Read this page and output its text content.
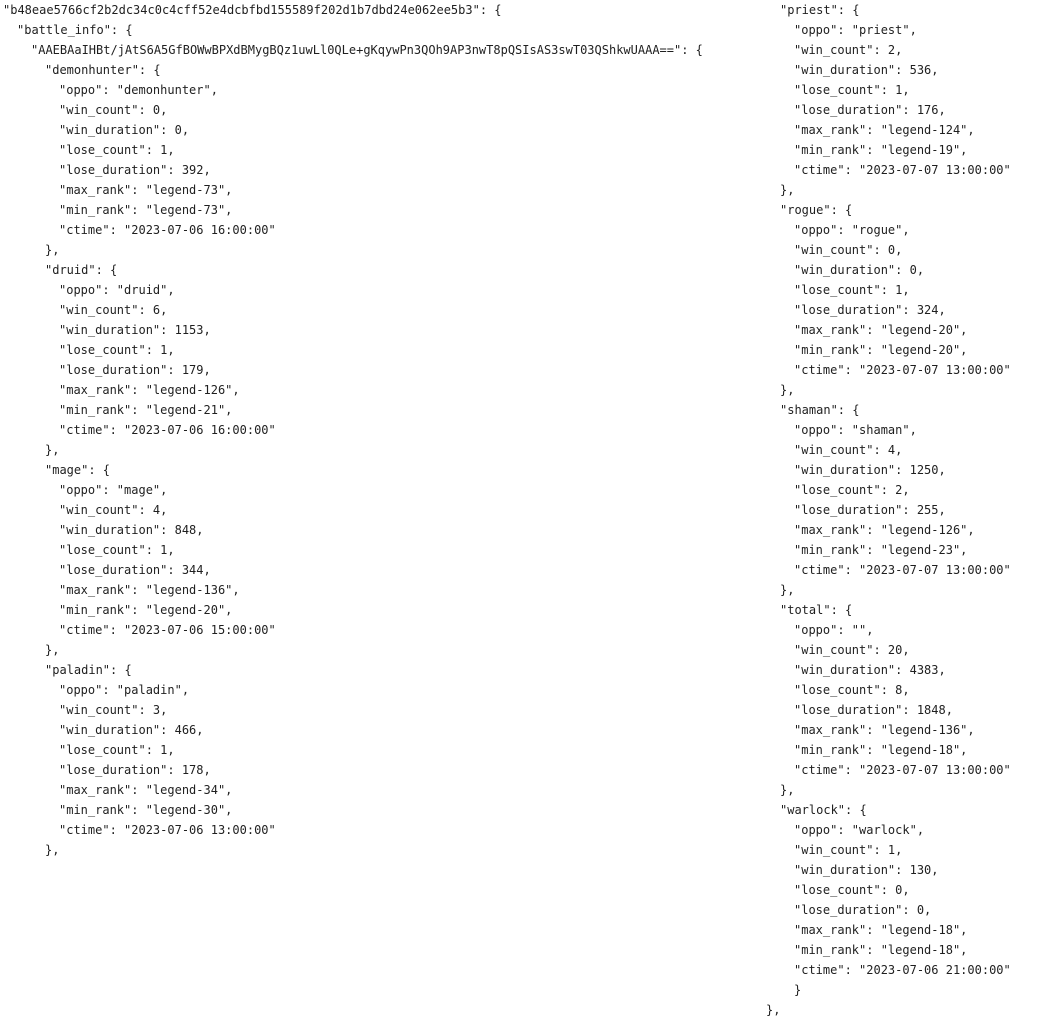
"b48eae5766cf2b2dc34c0c4cff52e4dcbfbd155589f202d1b7dbd24e062ee5b3": {
"battle_info": {
"AAEBAaIHBt/jAtS6A5GfBOWwBPXdBMygBQz1uwLl0QLe+gKqywPn3QOh9AP3nwT8pQSIsAS3swT03QShkwUAAA==": {
"demonhunter": {
"oppo": "demonhunter",
"win_count": 0,
"win_duration": 0,
"lose_count": 1,
"lose_duration": 392,
"max_rank": "legend-73",
"min_rank": "legend-73",
"ctime": "2023-07-06 16:00:00"
},
"druid": {
"oppo": "druid",
"win_count": 6,
"win_duration": 1153,
"lose_count": 1,
"lose_duration": 179,
"max_rank": "legend-126",
"min_rank": "legend-21",
"ctime": "2023-07-06 16:00:00"
},
"mage": {
"oppo": "mage",
"win_count": 4,
"win_duration": 848,
"lose_count": 1,
"lose_duration": 344,
"max_rank": "legend-136",
"min_rank": "legend-20",
"ctime": "2023-07-06 15:00:00"
},
"paladin": {
"oppo": "paladin",
"win_count": 3,
"win_duration": 466,
"lose_count": 1,
"lose_duration": 178,
"max_rank": "legend-34",
"min_rank": "legend-30",
"ctime": "2023-07-06 13:00:00"
},
"priest": {
"oppo": "priest",
"win_count": 2,
"win_duration": 536,
"lose_count": 1,
"lose_duration": 176,
"max_rank": "legend-124",
"min_rank": "legend-19",
"ctime": "2023-07-07 13:00:00"
},
"rogue": {
"oppo": "rogue",
"win_count": 0,
"win_duration": 0,
"lose_count": 1,
"lose_duration": 324,
"max_rank": "legend-20",
"min_rank": "legend-20",
"ctime": "2023-07-07 13:00:00"
},
"shaman": {
"oppo": "shaman",
"win_count": 4,
"win_duration": 1250,
"lose_count": 2,
"lose_duration": 255,
"max_rank": "legend-126",
"min_rank": "legend-23",
"ctime": "2023-07-07 13:00:00"
},
"total": {
"oppo": "",
"win_count": 20,
"win_duration": 4383,
"lose_count": 8,
"lose_duration": 1848,
"max_rank": "legend-136",
"min_rank": "legend-18",
"ctime": "2023-07-07 13:00:00"
},
"warlock": {
"oppo": "warlock",
"win_count": 1,
"win_duration": 130,
"lose_count": 0,
"lose_duration": 0,
"max_rank": "legend-18",
"min_rank": "legend-18",
"ctime": "2023-07-06 21:00:00"
}
},
